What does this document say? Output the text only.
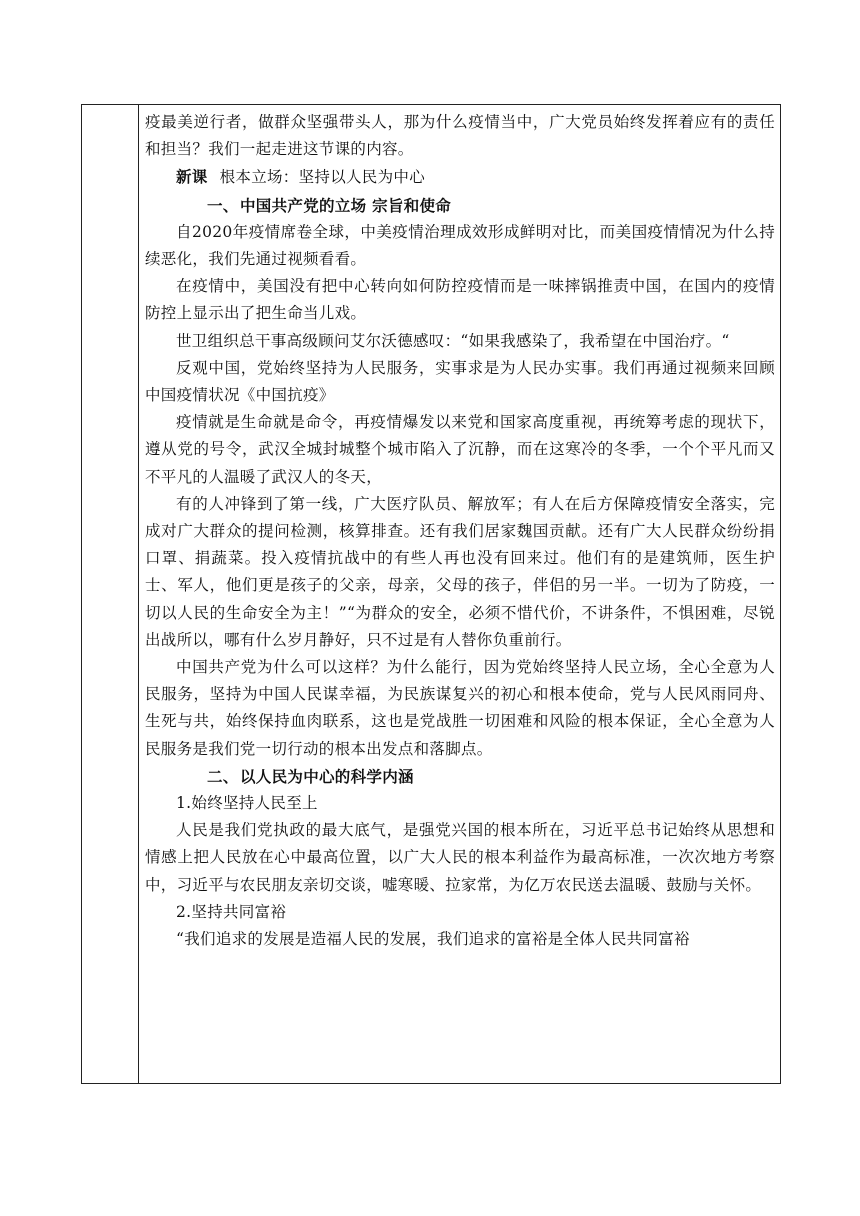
疫最美逆行者，做群众坚强带头人，那为什么疫情当中，广大党员始终发挥着应有的责任和担当？我们一起走进这节课的内容。

新课 根本立场：坚持以人民为中心

一、中国共产党的立场 宗旨和使命

自2020年疫情席卷全球，中美疫情治理成效形成鲜明对比，而美国疫情情况为什么持续恶化，我们先通过视频看看。

在疫情中，美国没有把中心转向如何防控疫情而是一味摔锅推责中国，在国内的疫情防控上显示出了把生命当儿戏。

世卫组织总干事高级顾问艾尔沃德感叹：“如果我感染了，我希望在中国治疗。“

反观中国，党始终坚持为人民服务，实事求是为人民办实事。我们再通过视频来回顾中国疫情状况《中国抗疫》

疫情就是生命就是命令，再疫情爆发以来党和国家高度重视，再统筹考虑的现状下，遵从党的号令，武汉全城封城整个城市陷入了沉静，而在这寒冷的冬季，一个个平凡而又不平凡的人温暖了武汉人的冬天，

有的人冲锋到了第一线，广大医疗队员、解放军；有人在后方保障疫情安全落实，完成对广大群众的提问检测，核算排查。还有我们居家魏国贡献。还有广大人民群众纷纷捐口罩、捐蔬菜。投入疫情抗战中的有些人再也没有回来过。他们有的是建筑师，医生护士、军人，他们更是孩子的父亲，母亲，父母的孩子，伴侣的另一半。一切为了防疫，一切以人民的生命安全为主！”“为群众的安全，必须不惜代价，不讲条件，不惧困难，尽锐出战所以，哪有什么岁月静好，只不过是有人替你负重前行。

中国共产党为什么可以这样？为什么能行，因为党始终坚持人民立场，全心全意为人民服务，坚持为中国人民谋幸福，为民族谋复兴的初心和根本使命，党与人民风雨同舟、生死与共，始终保持血肉联系，这也是党战胜一切困难和风险的根本保证，全心全意为人民服务是我们党一切行动的根本出发点和落脚点。

二、以人民为中心的科学内涵

1.始终坚持人民至上

人民是我们党执政的最大底气，是强党兴国的根本所在，习近平总书记始终从思想和情感上把人民放在心中最高位置，以广大人民的根本利益作为最高标准，一次次地方考察中，习近平与农民朋友亲切交谈，嘘寒暖、拉家常，为亿万农民送去温暖、鼓励与关怀。

2.坚持共同富裕

“我们追求的发展是造福人民的发展，我们追求的富裕是全体人民共同富裕
